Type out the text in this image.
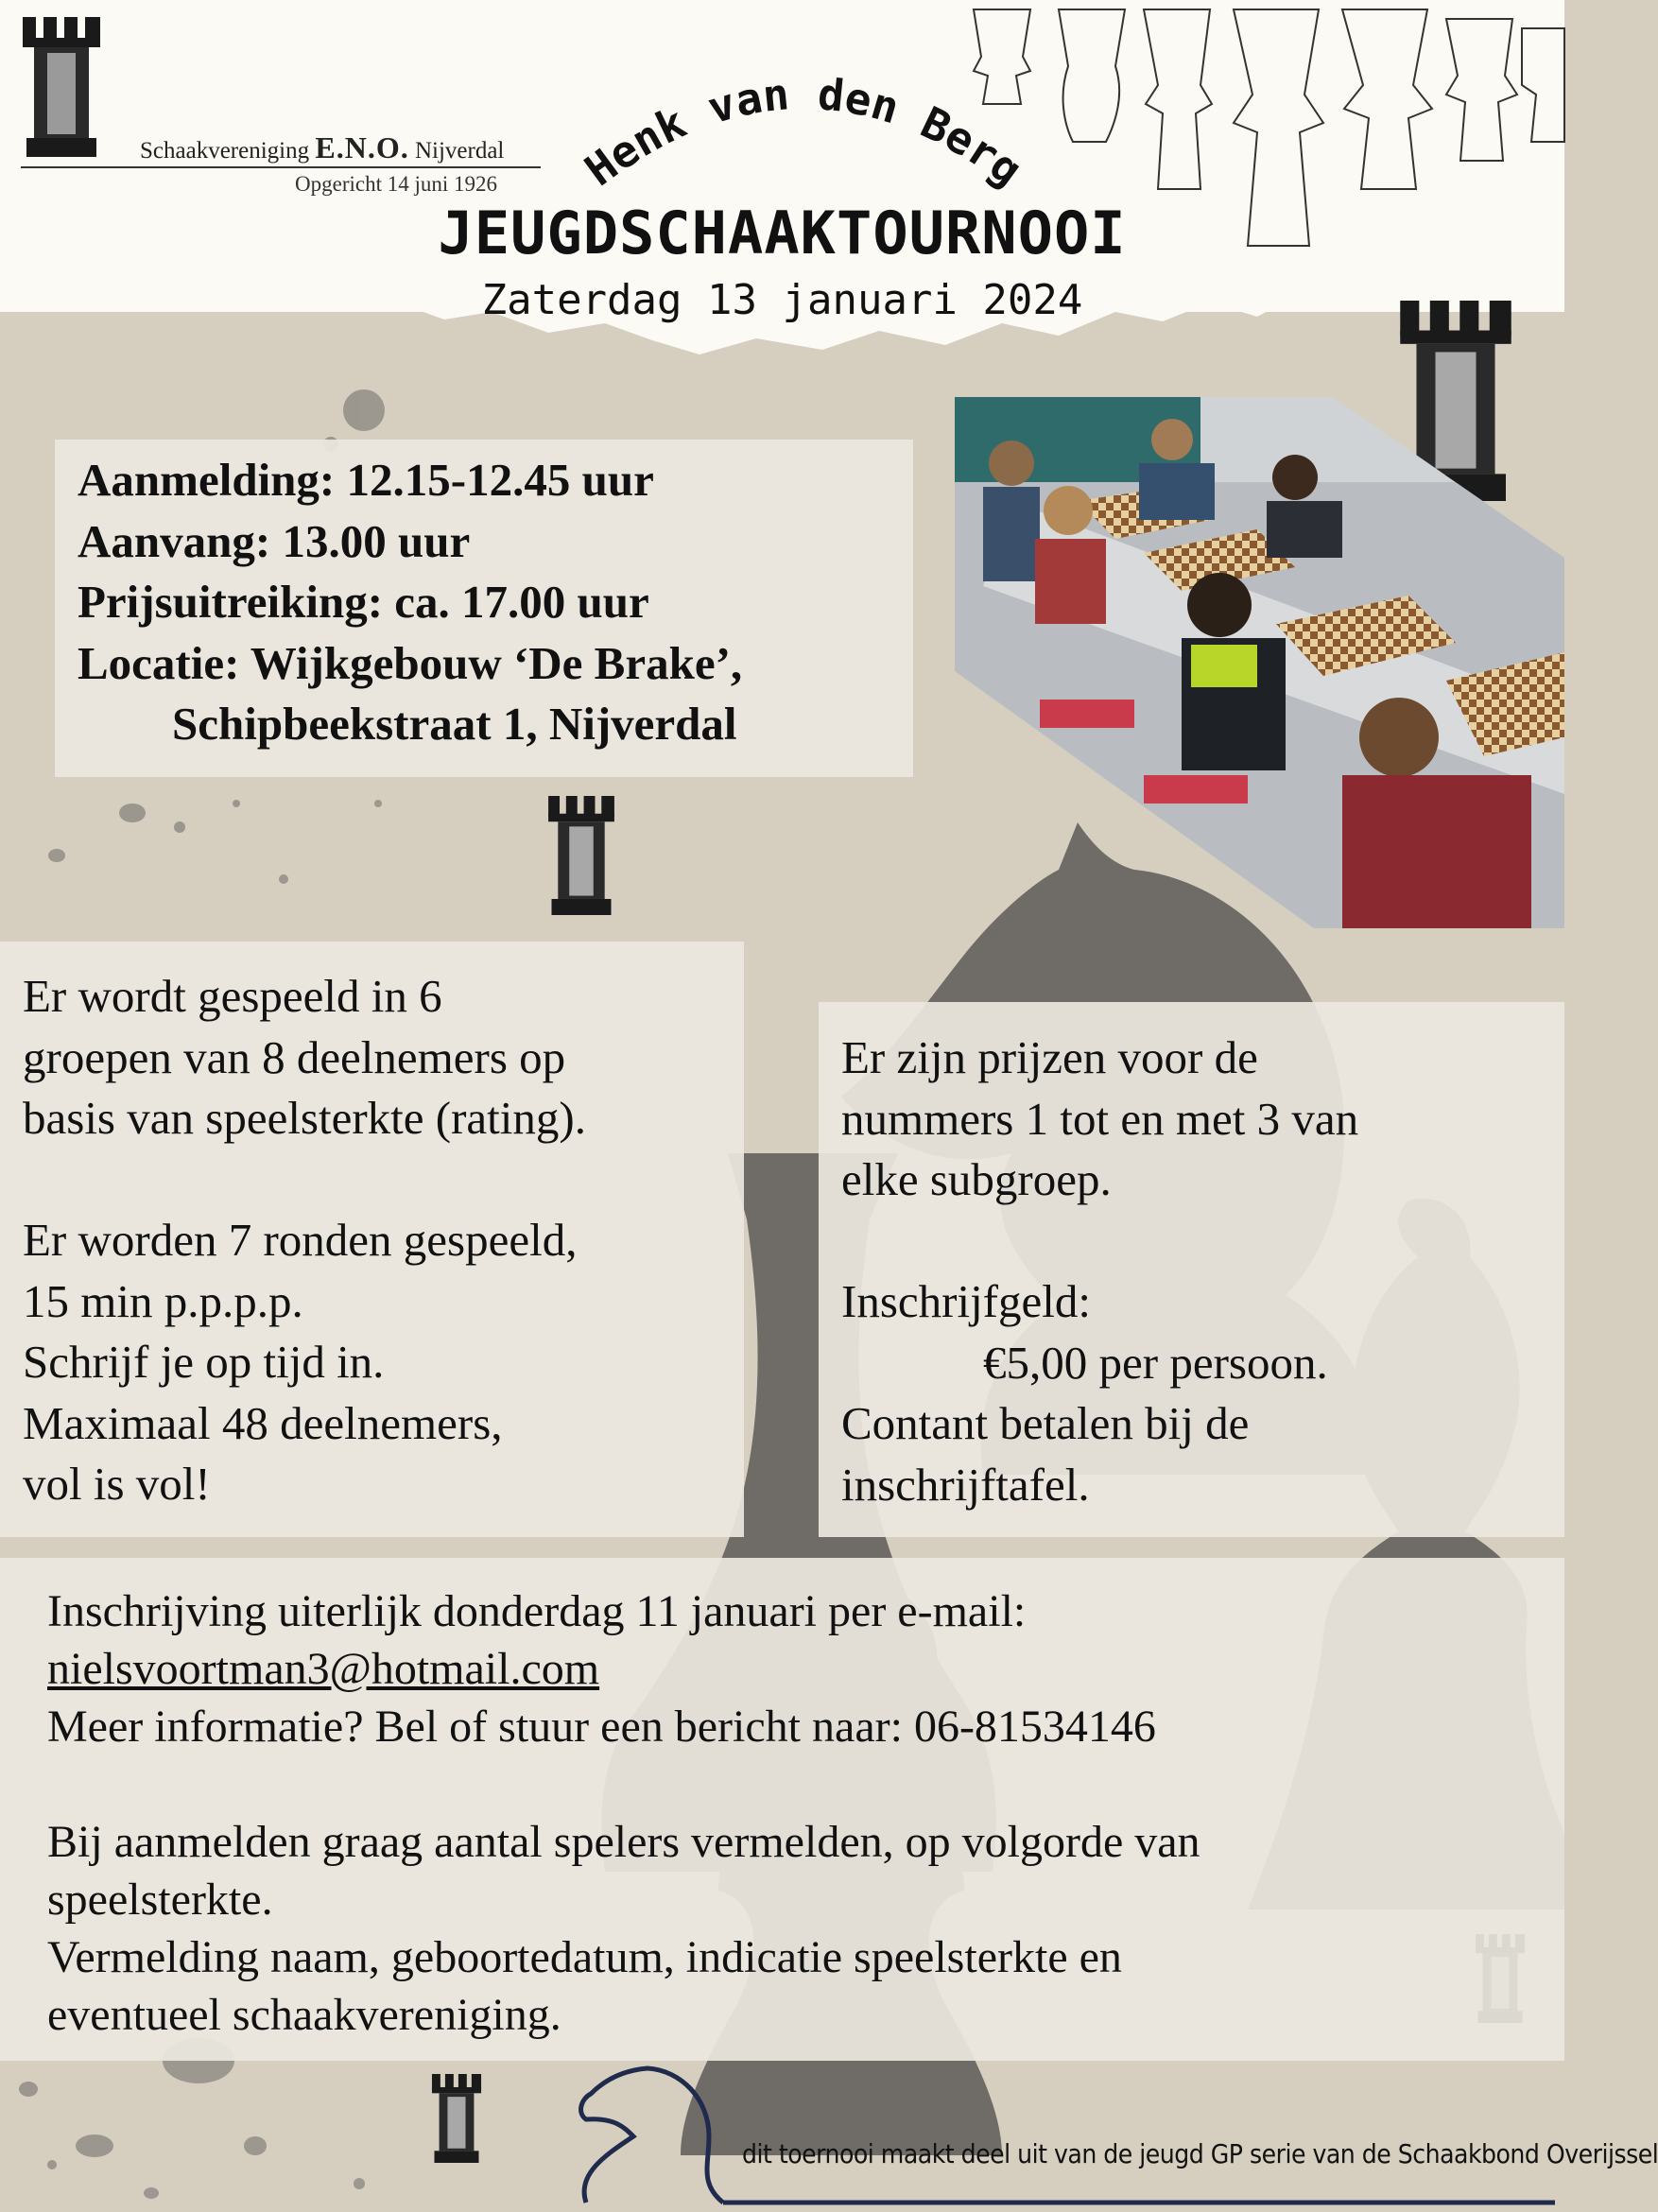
Schaakvereniging E.N.O. Nijverdal
Opgericht 14 juni 1926 Henk van den Berg
JEUGDSCHAAKTOURNOOI
Zaterdag 13 januari 2024
Aanmelding: 12.15-12.45 uur
Aanvang: 13.00 uur
Prijsuitreiking: ca. 17.00 uur
Locatie: Wijkgebouw ‘De Brake’,
Schipbeekstraat 1, Nijverdal
Er wordt gespeeld in 6
groepen van 8 deelnemers op
basis van speelsterkte (rating).
Er worden 7 ronden gespeeld,
15 min p.p.p.p.
Schrijf je op tijd in.
Maximaal 48 deelnemers,
vol is vol!
Er zijn prijzen voor de
nummers 1 tot en met 3 van
elke subgroep.
Inschrijfgeld:
€5,00 per persoon.
Contant betalen bij de
inschrijftafel.
Inschrijving uiterlijk donderdag 11 januari per e-mail:
nielsvoortman3@hotmail.com
Meer informatie? Bel of stuur een bericht naar: 06-81534146
Bij aanmelden graag aantal spelers vermelden, op volgorde van
speelsterkte.
Vermelding naam, geboortedatum, indicatie speelsterkte en
eventueel schaakvereniging.
dit toernooi maakt deel uit van de jeugd GP serie van de Schaakbond Overijssel
